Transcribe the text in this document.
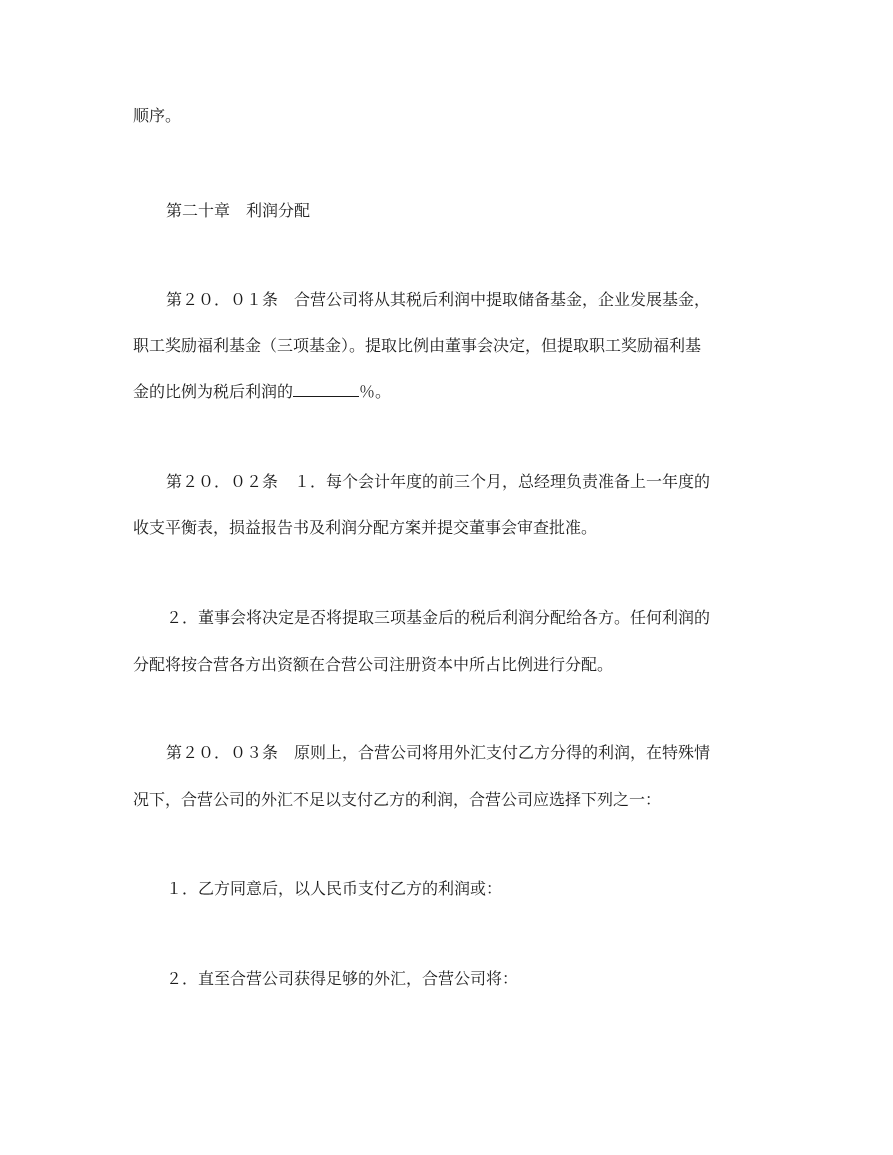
顺序。
第二十章　利润分配
第２０．０１条　合营公司将从其税后利润中提取储备基金，企业发展基金，
职工奖励福利基金（三项基金）。提取比例由董事会决定，但提取职工奖励福利基
金的比例为税后利润的	％。
第２０．０２条　１．每个会计年度的前三个月，总经理负责准备上一年度的
收支平衡表，损益报告书及利润分配方案并提交董事会审查批准。
２．董事会将决定是否将提取三项基金后的税后利润分配给各方。任何利润的
分配将按合营各方出资额在合营公司注册资本中所占比例进行分配。
第２０．０３条　原则上，合营公司将用外汇支付乙方分得的利润，在特殊情
况下，合营公司的外汇不足以支付乙方的利润，合营公司应选择下列之一：
１．乙方同意后，以人民币支付乙方的利润或：
２．直至合营公司获得足够的外汇，合营公司将：
